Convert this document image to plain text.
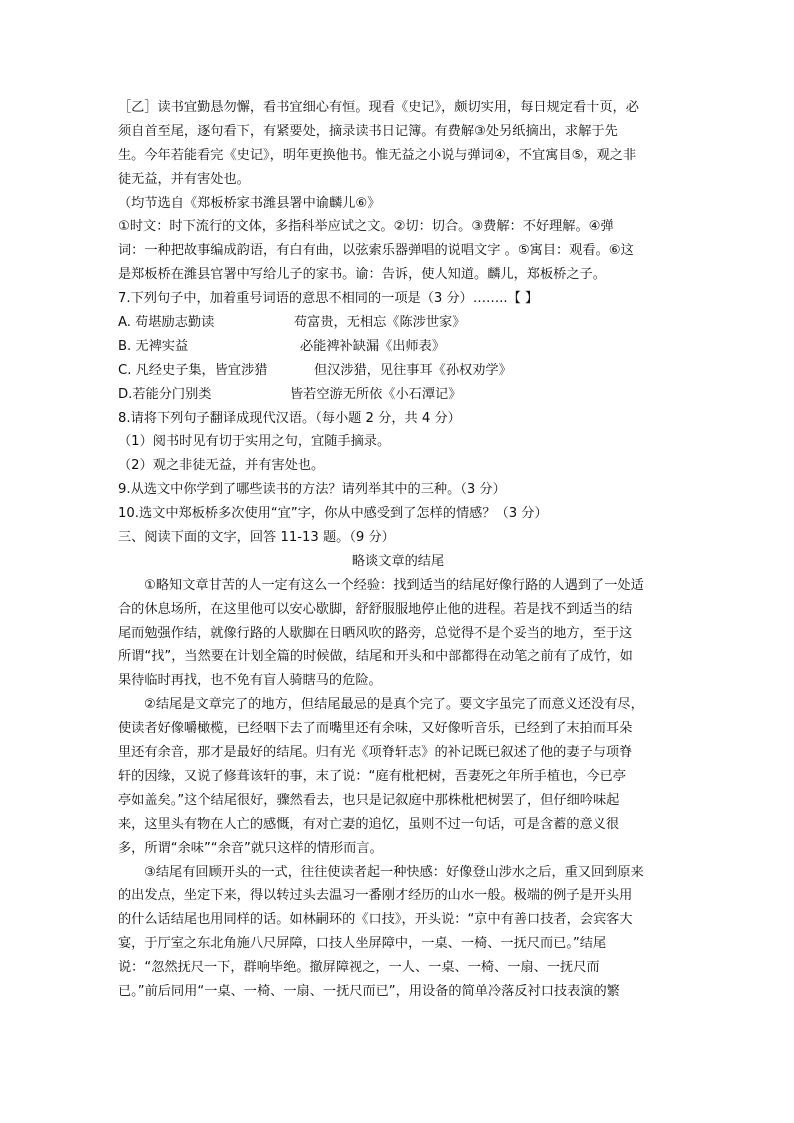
［乙］读书宜勤恳勿懈，看书宜细心有恒。现看《史记》，颇切实用，每日规定看十页，必
须自首至尾，逐句看下，有紧要处，摘录读书日记簿。有费解③处另纸摘出，求解于先
生。今年若能看完《史记》，明年更换他书。惟无益之小说与弹词④，不宜寓目⑤，观之非
徒无益，并有害处也。
（均节选自《郑板桥家书潍县署中谕麟儿⑥》
①时文：时下流行的文体，多指科举应试之文。②切：切合。③费解：不好理解。④弹
词：一种把故事编成韵语，有白有曲，以弦索乐器弹唱的说唱文字 。⑤寓目：观看。⑥这
是郑板桥在潍县官署中写给儿子的家书。谕：告诉，使人知道。麟儿，郑板桥之子。
7.下列句子中，加着重号词语的意思不相同的一项是（3 分）……..【 】
A. 苟堪励志勤读	苟富贵，无相忘《陈涉世家》
B. 无裨实益	必能裨补缺漏《出师表》
C. 凡经史子集，皆宜涉猎	但汉涉猎，见往事耳《孙权劝学》
D.若能分门别类	皆若空游无所依《小石潭记》
8.请将下列句子翻译成现代汉语。（每小题 2 分，共 4 分）
（1）阅书时见有切于实用之句，宜随手摘录。
（2）观之非徒无益，并有害处也。
9.从选文中你学到了哪些读书的方法？请列举其中的三种。（3 分）
10.选文中郑板桥多次使用“宜”字，你从中感受到了怎样的情感？（3 分）
三、阅读下面的文字，回答 11-13 题。（9 分）
略谈文章的结尾
①略知文章甘苦的人一定有这么一个经验：找到适当的结尾好像行路的人遇到了一处适
合的休息场所，在这里他可以安心歇脚，舒舒服服地停止他的进程。若是找不到适当的结
尾而勉强作结，就像行路的人歇脚在日晒风吹的路旁，总觉得不是个妥当的地方，至于这
所谓“找”，当然要在计划全篇的时候做，结尾和开头和中部都得在动笔之前有了成竹，如
果待临时再找，也不免有盲人骑瞎马的危险。
②结尾是文章完了的地方，但结尾最忌的是真个完了。要文字虽完了而意义还没有尽，
使读者好像嚼橄榄，已经咽下去了而嘴里还有余味，又好像听音乐，已经到了末拍而耳朵
里还有余音，那才是最好的结尾。归有光《项脊轩志》的补记既已叙述了他的妻子与项脊
轩的因缘，又说了修葺该轩的事，末了说：“庭有枇杷树，吾妻死之年所手植也，今已亭
亭如盖矣。”这个结尾很好，骤然看去，也只是记叙庭中那株枇杷树罢了，但仔细吟味起
来，这里头有物在人亡的感慨，有对亡妻的追忆，虽则不过一句话，可是含蓄的意义很
多，所谓“余味”“余音”就只这样的情形而言。
③结尾有回顾开头的一式，往往使读者起一种快感：好像登山涉水之后，重又回到原来
的出发点，坐定下来，得以转过头去温习一番刚才经历的山水一般。极端的例子是开头用
的什么话结尾也用同样的话。如林嗣环的《口技》，开头说：“京中有善口技者，会宾客大
宴，于厅室之东北角施八尺屏障，口技人坐屏障中，一桌、一椅、一抚尺而已。”结尾
说：“忽然抚尺一下，群响毕绝。撤屏障视之，一人、一桌、一椅、一扇、一抚尺而
已。”前后同用“一桌、一椅、一扇、一抚尺而已”，用设备的简单冷落反衬口技表演的繁
